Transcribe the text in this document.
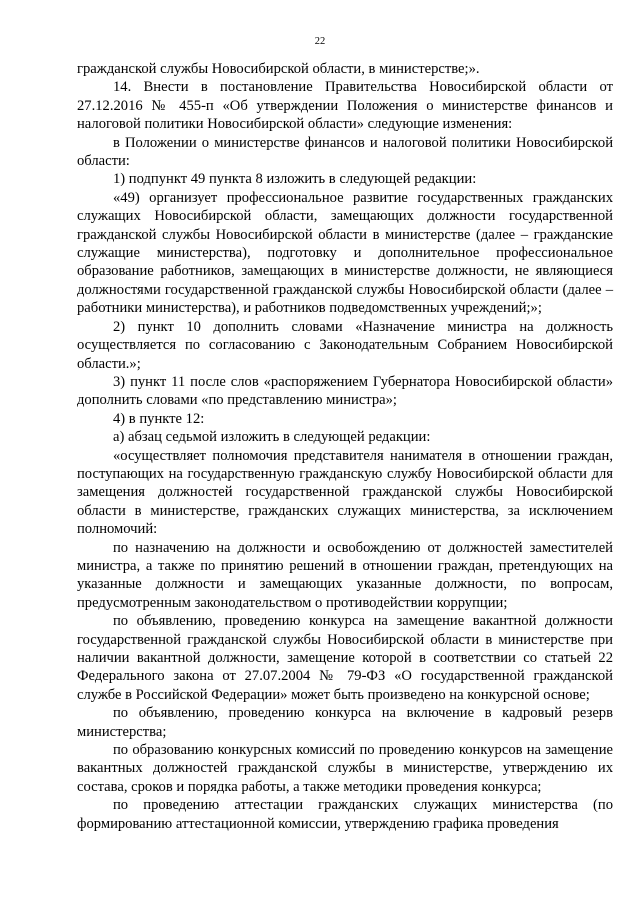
22

гражданской службы Новосибирской области, в министерстве;».

14. Внести в постановление Правительства Новосибирской области от 27.12.2016 № 455-п «Об утверждении Положения о министерстве финансов и налоговой политики Новосибирской области» следующие изменения:

в Положении о министерстве финансов и налоговой политики Новосибирской области:

1) подпункт 49 пункта 8 изложить в следующей редакции:

«49) организует профессиональное развитие государственных гражданских служащих Новосибирской области, замещающих должности государственной гражданской службы Новосибирской области в министерстве (далее – гражданские служащие министерства), подготовку и дополнительное профессиональное образование работников, замещающих в министерстве должности, не являющиеся должностями государственной гражданской службы Новосибирской области (далее – работники министерства), и работников подведомственных учреждений;»;

2) пункт 10 дополнить словами «Назначение министра на должность осуществляется по согласованию с Законодательным Собранием Новосибирской области.»;

3) пункт 11 после слов «распоряжением Губернатора Новосибирской области» дополнить словами «по представлению министра»;

4) в пункте 12:

а) абзац седьмой изложить в следующей редакции:

«осуществляет полномочия представителя нанимателя в отношении граждан, поступающих на государственную гражданскую службу Новосибирской области для замещения должностей государственной гражданской службы Новосибирской области в министерстве, гражданских служащих министерства, за исключением полномочий:

по назначению на должности и освобождению от должностей заместителей министра, а также по принятию решений в отношении граждан, претендующих на указанные должности и замещающих указанные должности, по вопросам, предусмотренным законодательством о противодействии коррупции;

по объявлению, проведению конкурса на замещение вакантной должности государственной гражданской службы Новосибирской области в министерстве при наличии вакантной должности, замещение которой в соответствии со статьей 22 Федерального закона от 27.07.2004 № 79-ФЗ «О государственной гражданской службе в Российской Федерации» может быть произведено на конкурсной основе;

по объявлению, проведению конкурса на включение в кадровый резерв министерства;

по образованию конкурсных комиссий по проведению конкурсов на замещение вакантных должностей гражданской службы в министерстве, утверждению их состава, сроков и порядка работы, а также методики проведения конкурса;

по проведению аттестации гражданских служащих министерства (по формированию аттестационной комиссии, утверждению графика проведения
